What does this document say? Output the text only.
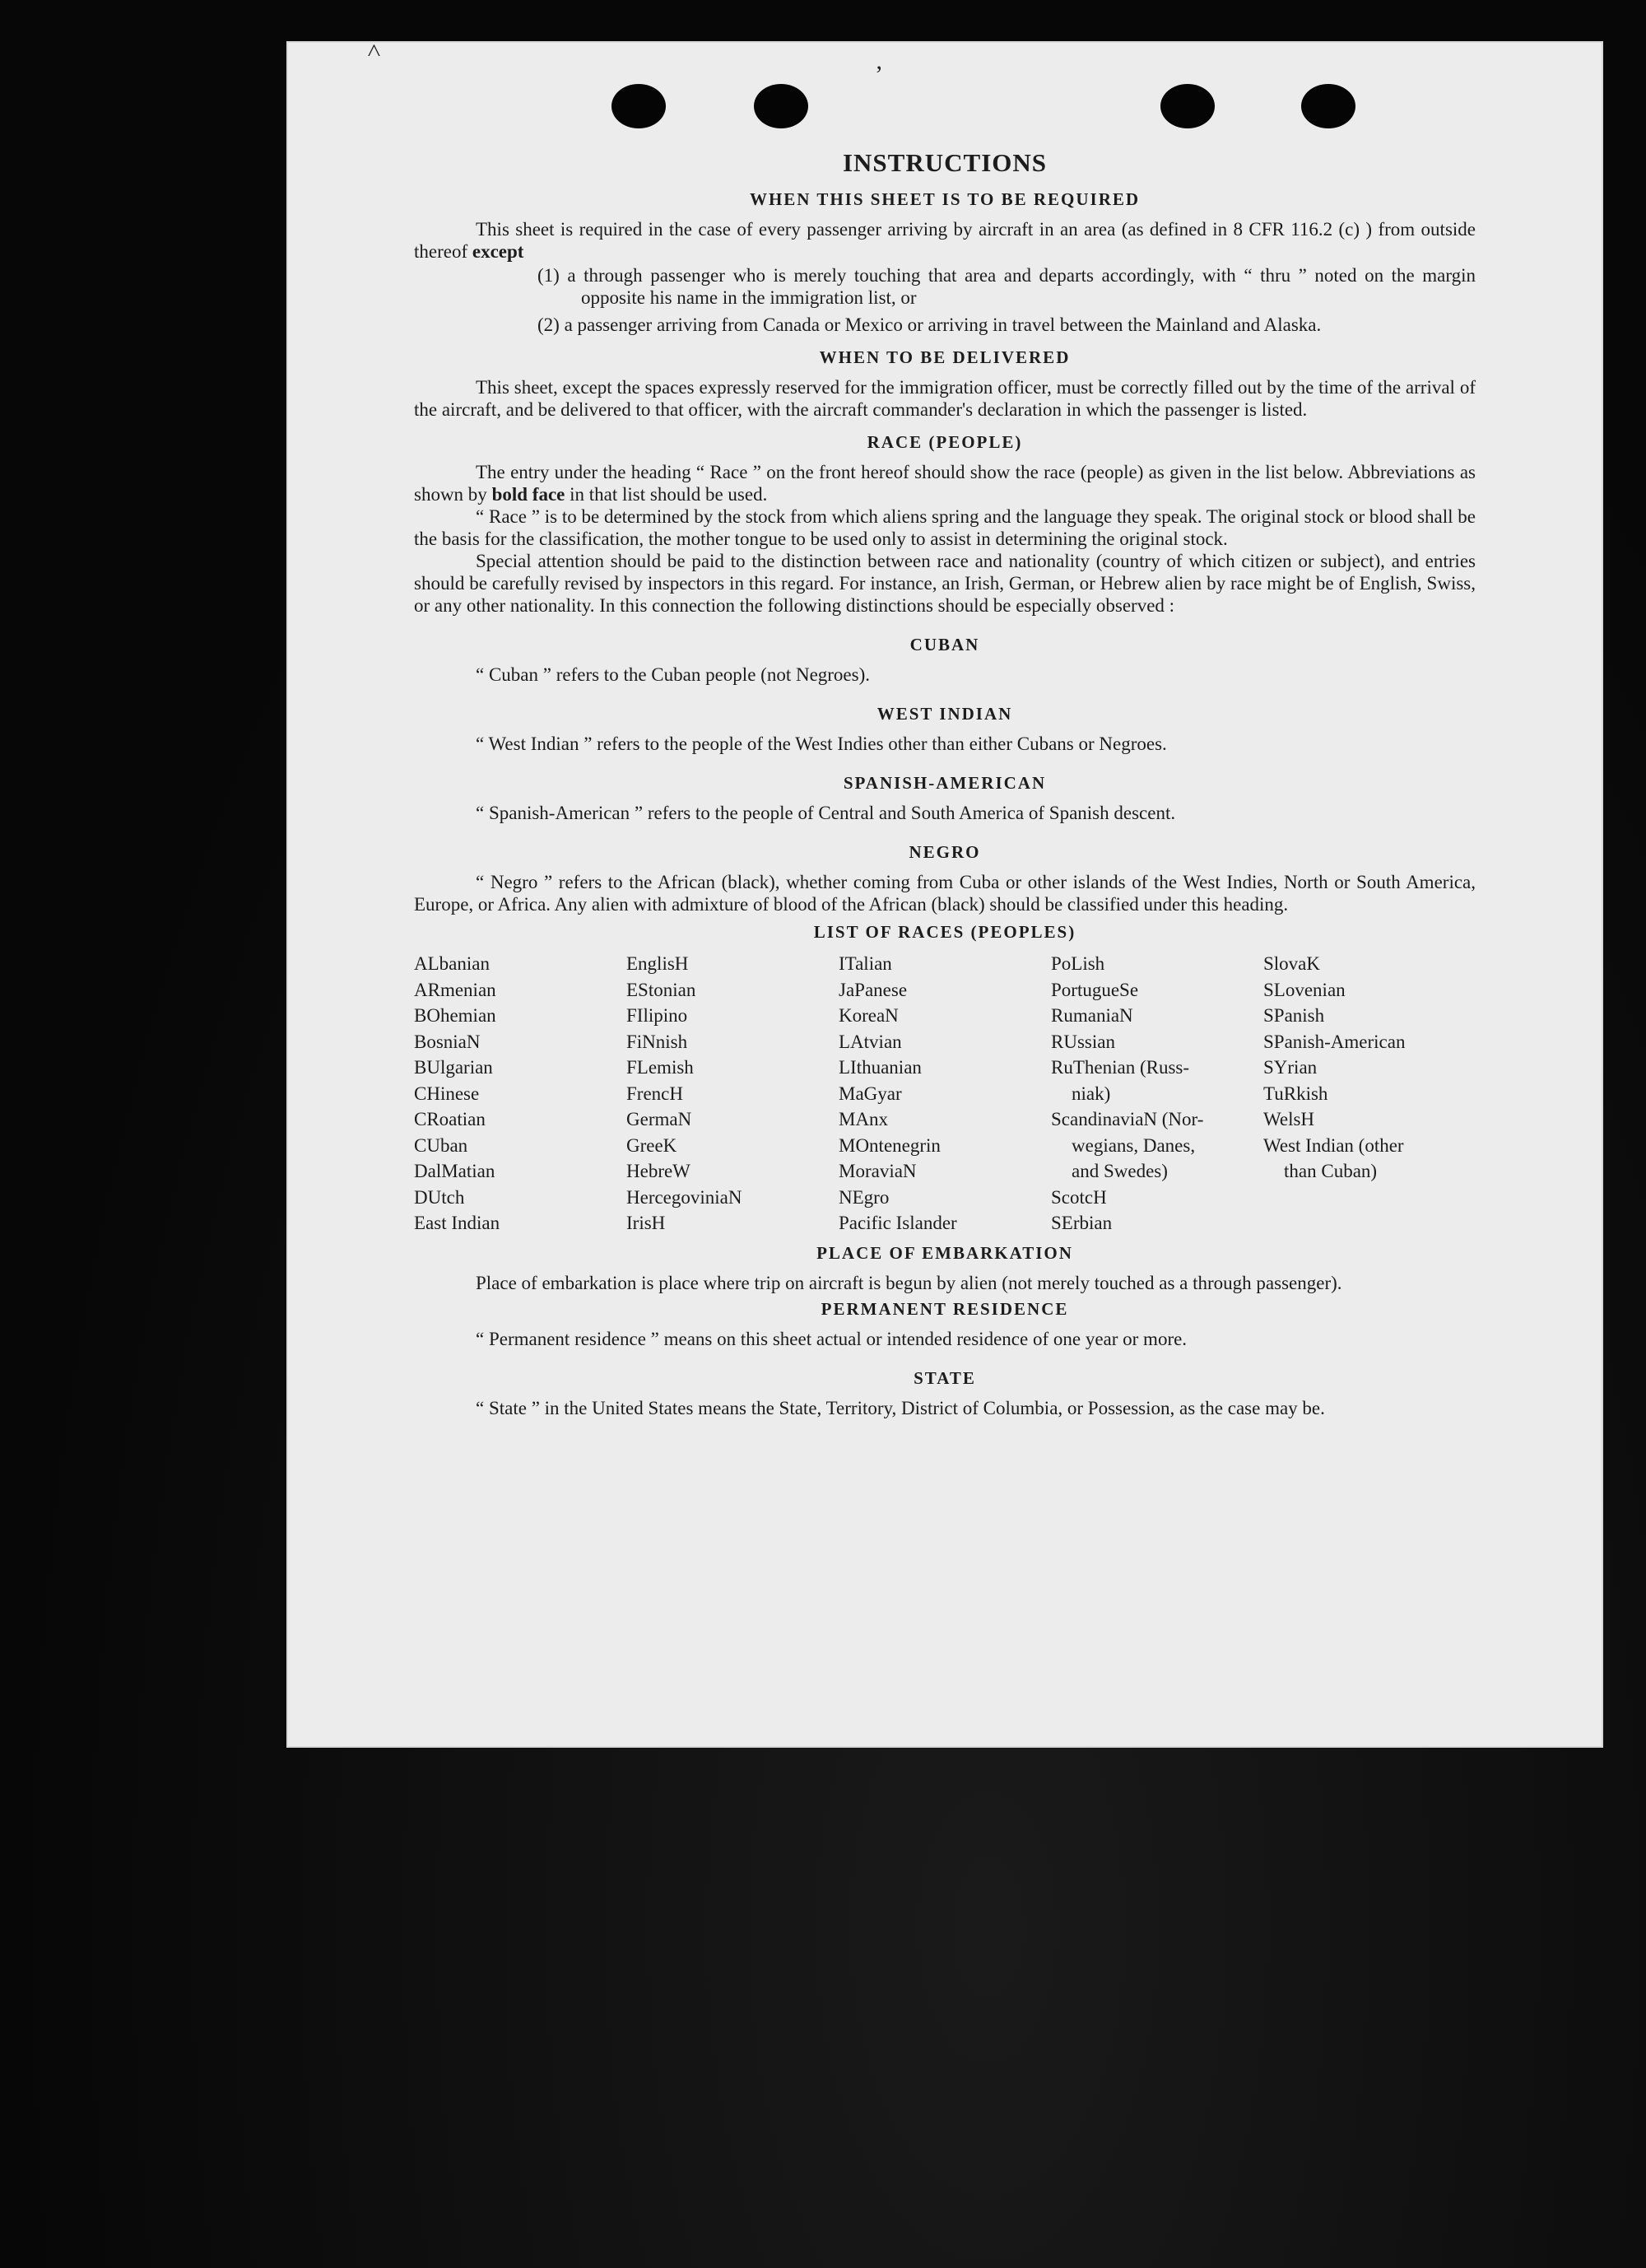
˄
’
INSTRUCTIONS
WHEN THIS SHEET IS TO BE REQUIRED

This sheet is required in the case of every passenger arriving by aircraft in an area (as defined in 8 CFR 116.2 (c) ) from outside thereof except

(1) a through passenger who is merely touching that area and departs accordingly, with “ thru ” noted on the margin opposite his name in the immigration list, or

(2) a passenger arriving from Canada or Mexico or arriving in travel between the Mainland and Alaska.

WHEN TO BE DELIVERED

This sheet, except the spaces expressly reserved for the immigration officer, must be correctly filled out by the time of the arrival of the aircraft, and be delivered to that officer, with the aircraft commander's declaration in which the passenger is listed.

RACE (PEOPLE)

The entry under the heading “ Race ” on the front hereof should show the race (people) as given in the list below. Abbreviations as shown by bold face in that list should be used.

“ Race ” is to be determined by the stock from which aliens spring and the language they speak. The original stock or blood shall be the basis for the classification, the mother tongue to be used only to assist in determining the original stock.

Special attention should be paid to the distinction between race and nationality (country of which citizen or subject), and entries should be carefully revised by inspectors in this regard. For instance, an Irish, German, or Hebrew alien by race might be of English, Swiss, or any other nationality. In this connection the following distinctions should be especially observed :

CUBAN

“ Cuban ” refers to the Cuban people (not Negroes).

WEST INDIAN

“ West Indian ” refers to the people of the West Indies other than either Cubans or Negroes.

SPANISH-AMERICAN

“ Spanish-American ” refers to the people of Central and South America of Spanish descent.

NEGRO

“ Negro ” refers to the African (black), whether coming from Cuba or other islands of the West Indies, North or South America, Europe, or Africa. Any alien with admixture of blood of the African (black) should be classified under this heading.

LIST OF RACES (PEOPLES)
ALbanian
ARmenian
BOhemian
BosniaN
BUlgarian
CHinese
CRoatian
CUban
DalMatian
DUtch
East Indian
EnglisH
EStonian
FIlipino
FiNnish
FLemish
FrencH
GermaN
GreeK
HebreW
HercegoviniaN
IrisH
ITalian
JaPanese
KoreaN
LAtvian
LIthuanian
MaGyar
MAnx
MOntenegrin
MoraviaN
NEgro
Pacific Islander
PoLish
PortugueSe
RumaniaN
RUssian
RuThenian (Russ-
niak)
ScandinaviaN (Nor-
wegians, Danes,
and Swedes)
ScotcH
SErbian
SlovaK
SLovenian
SPanish
SPanish-American
SYrian
TuRkish
WelsH
West Indian (other
than Cuban)
PLACE OF EMBARKATION

Place of embarkation is place where trip on aircraft is begun by alien (not merely touched as a through passenger).

PERMANENT RESIDENCE

“ Permanent residence ” means on this sheet actual or intended residence of one year or more.

STATE

“ State ” in the United States means the State, Territory, District of Columbia, or Possession, as the case may be.
